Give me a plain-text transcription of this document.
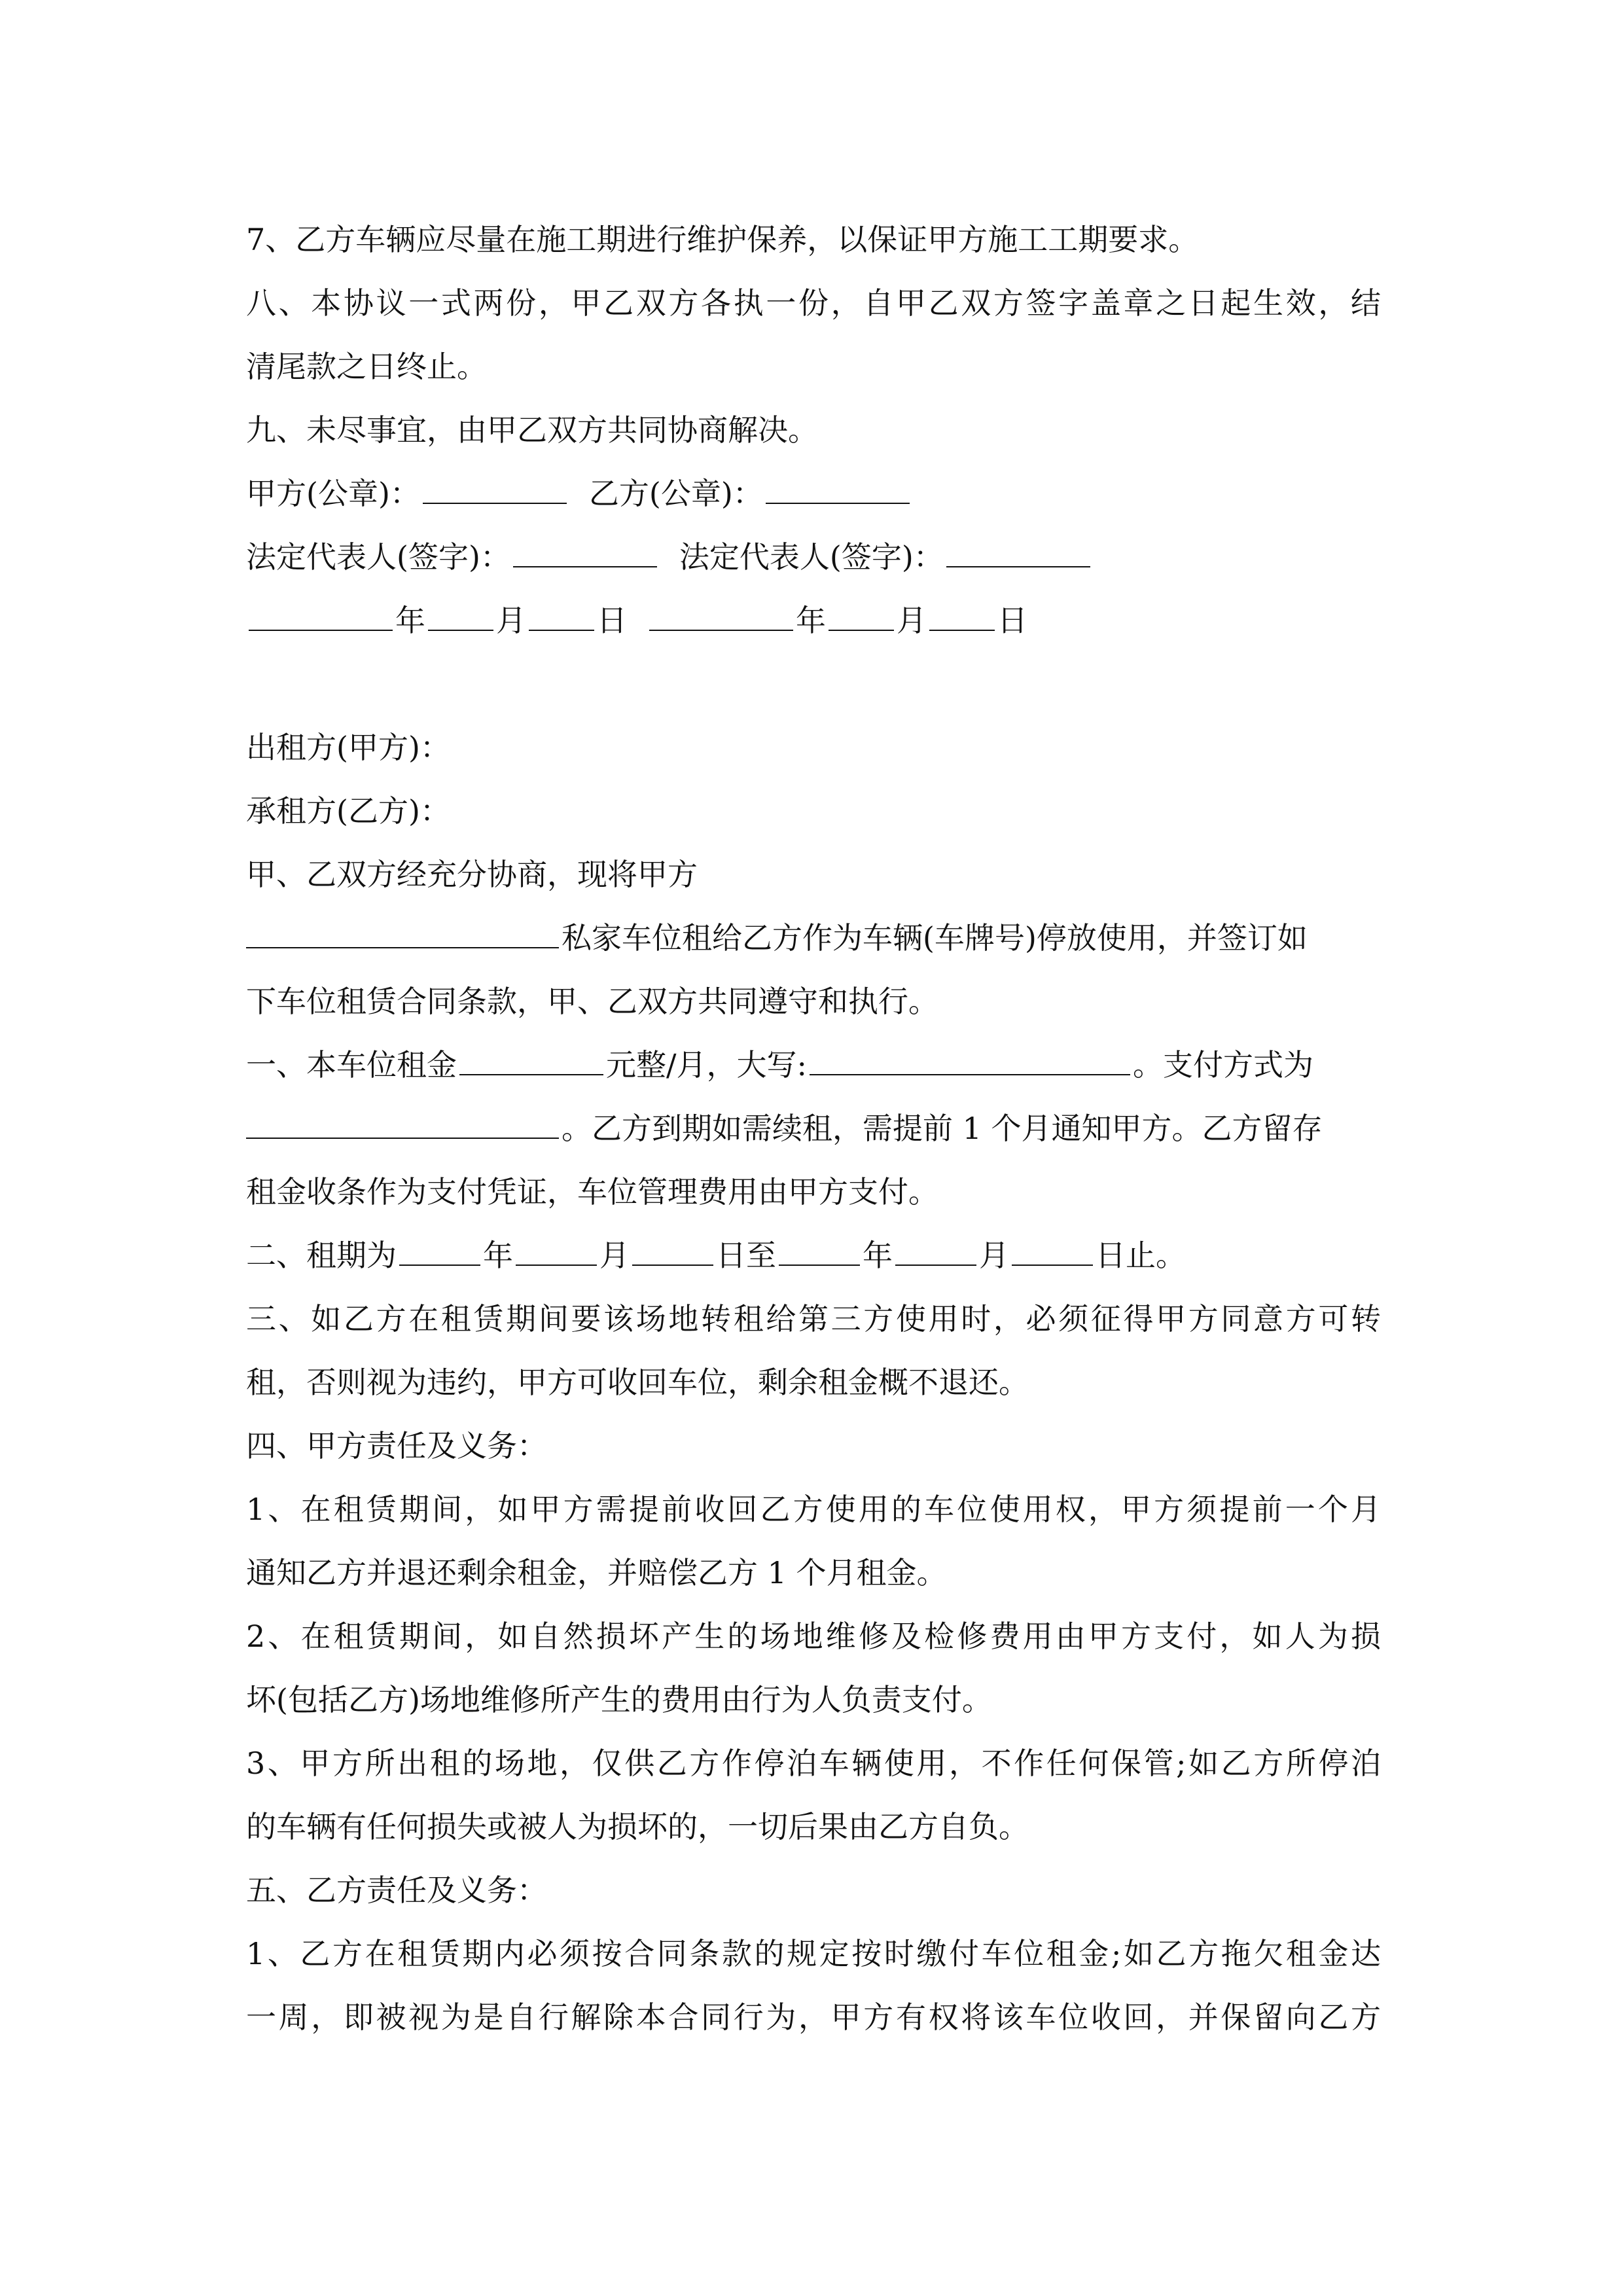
7、乙方车辆应尽量在施工期进行维护保养，以保证甲方施工工期要求。
八、本协议一式两份，甲乙双方各执一份，自甲乙双方签字盖章之日起生效，结
清尾款之日终止。
九、未尽事宜，由甲乙双方共同协商解决。
甲方(公章)：	乙方(公章)：
法定代表人(签字)：	法定代表人(签字)：
年 月 日	年 月 日
出租方(甲方)：
承租方(乙方)：
甲、乙双方经充分协商，现将甲方
私家车位租给乙方作为车辆(车牌号)停放使用，并签订如
下车位租赁合同条款，甲、乙双方共同遵守和执行。
一、本车位租金	元整/月，大写:	。支付方式为
。乙方到期如需续租，需提前 1 个月通知甲方。乙方留存
租金收条作为支付凭证，车位管理费用由甲方支付。
二、租期为	年	月	日至	年	月	日止。
三、如乙方在租赁期间要该场地转租给第三方使用时，必须征得甲方同意方可转
租，否则视为违约，甲方可收回车位，剩余租金概不退还。
四、甲方责任及义务：
1、在租赁期间，如甲方需提前收回乙方使用的车位使用权，甲方须提前一个月
通知乙方并退还剩余租金，并赔偿乙方 1 个月租金。
2、在租赁期间，如自然损坏产生的场地维修及检修费用由甲方支付，如人为损
坏(包括乙方)场地维修所产生的费用由行为人负责支付。
3、甲方所出租的场地，仅供乙方作停泊车辆使用，不作任何保管;如乙方所停泊
的车辆有任何损失或被人为损坏的，一切后果由乙方自负。
五、乙方责任及义务：
1、乙方在租赁期内必须按合同条款的规定按时缴付车位租金;如乙方拖欠租金达
一周，即被视为是自行解除本合同行为，甲方有权将该车位收回，并保留向乙方
